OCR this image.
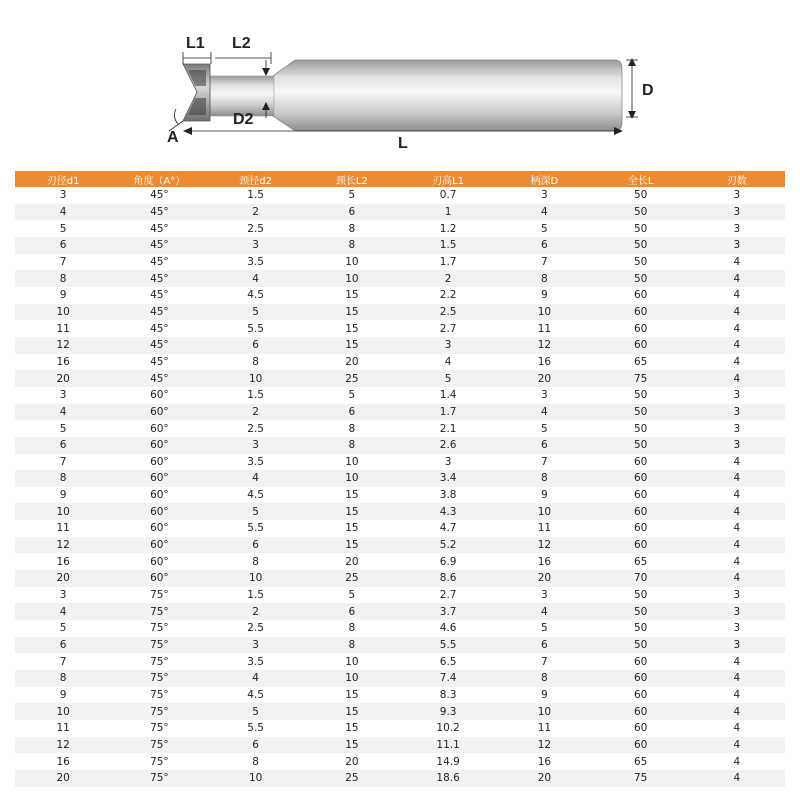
L1 L2
D2
D
A	L
刃径d1	角度（A°）	颈径d2	颈长L2	刃高L1	柄深D	全长L	刃数
3	45°	1.5	5	0.7	3	50	3
4	45°	2	6	1	4	50	3
5	45°	2.5	8	1.2	5	50	3
6	45°	3	8	1.5	6	50	3
7	45°	3.5	10	1.7	7	50	4
8	45°	4	10	2	8	50	4
9	45°	4.5	15	2.2	9	60	4
10	45°	5	15	2.5	10	60	4
11	45°	5.5	15	2.7	11	60	4
12	45°	6	15	3	12	60	4
16	45°	8	20	4	16	65	4
20	45°	10	25	5	20	75	4
3	60°	1.5	5	1.4	3	50	3
4	60°	2	6	1.7	4	50	3
5	60°	2.5	8	2.1	5	50	3
6	60°	3	8	2.6	6	50	3
7	60°	3.5	10	3	7	60	4
8	60°	4	10	3.4	8	60	4
9	60°	4.5	15	3.8	9	60	4
10	60°	5	15	4.3	10	60	4
11	60°	5.5	15	4.7	11	60	4
12	60°	6	15	5.2	12	60	4
16	60°	8	20	6.9	16	65	4
20	60°	10	25	8.6	20	70	4
3	75°	1.5	5	2.7	3	50	3
4	75°	2	6	3.7	4	50	3
5	75°	2.5	8	4.6	5	50	3
6	75°	3	8	5.5	6	50	3
7	75°	3.5	10	6.5	7	60	4
8	75°	4	10	7.4	8	60	4
9	75°	4.5	15	8.3	9	60	4
10	75°	5	15	9.3	10	60	4
11	75°	5.5	15	10.2	11	60	4
12	75°	6	15	11.1	12	60	4
16	75°	8	20	14.9	16	65	4
20	75°	10	25	18.6	20	75	4
